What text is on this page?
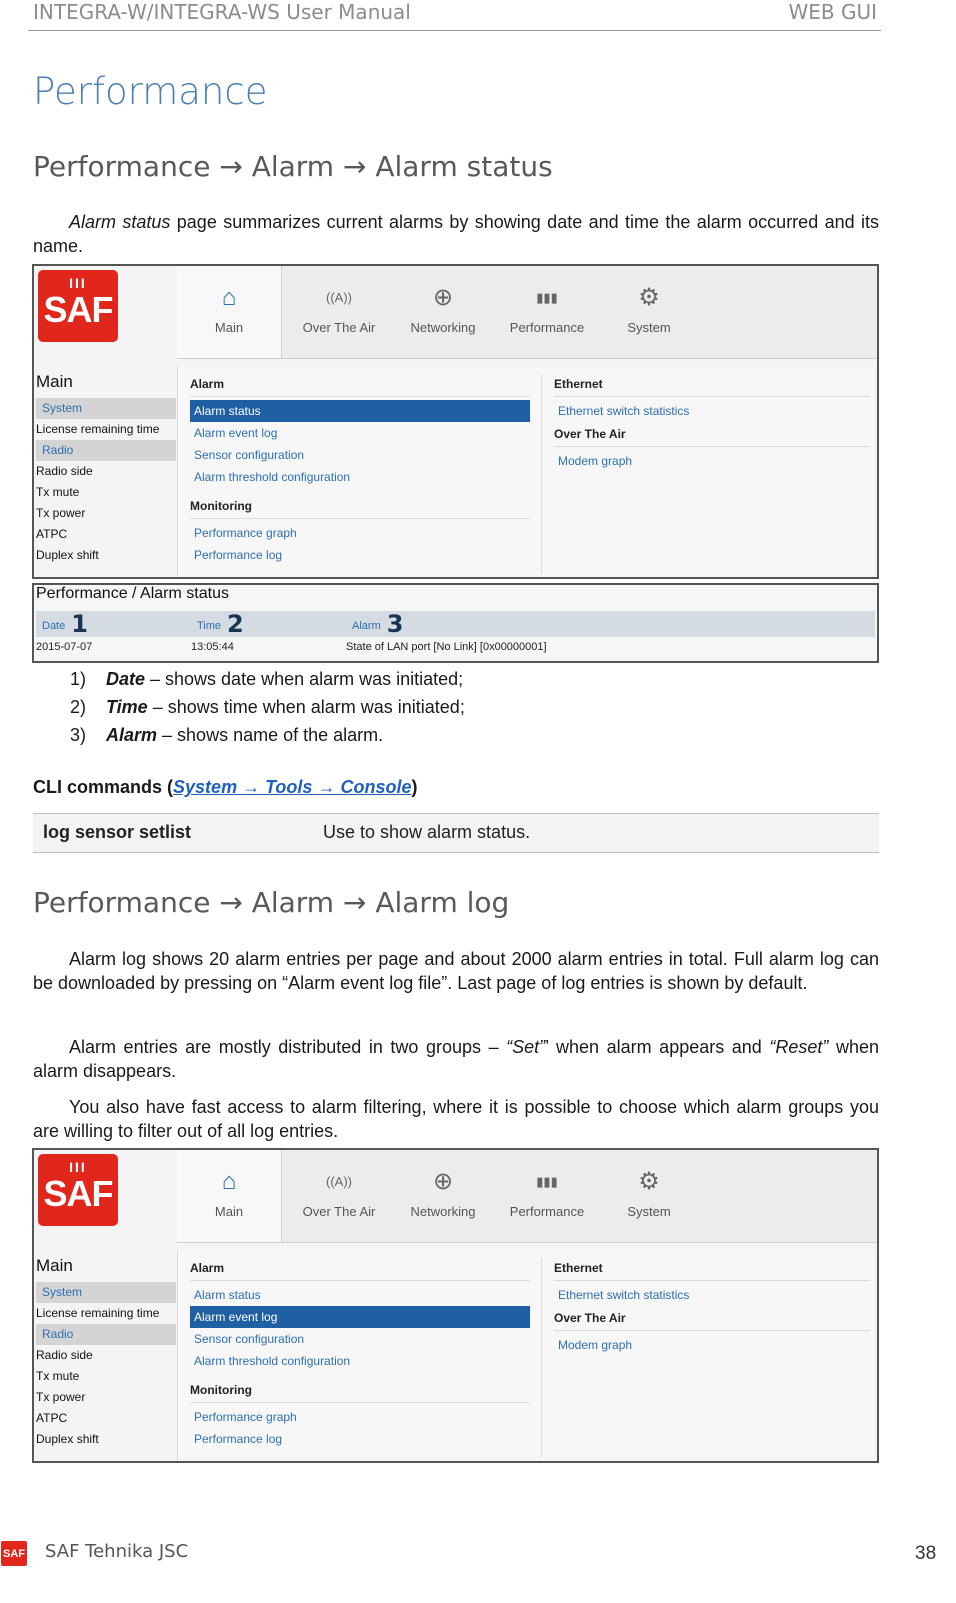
INTEGRA-W/INTEGRA-WS User Manual	WEB GUI
Performance
Performance → Alarm → Alarm status
Alarm status page summarizes current alarms by showing date and time the alarm occurred and its name.
III
SAF	⌂
Main
((A))
Over The Air
⊕
Networking
▮▮▮
Performance
⚙
System
Main
System
License remaining time
Radio
Radio side
Tx mute
Tx power
ATPC
Duplex shift
Alarm
Alarm status
Alarm event log
Sensor configuration
Alarm threshold configuration
Monitoring
Performance graph
Performance log
Ethernet
Ethernet switch statistics
Over The Air
Modem graph
Performance / Alarm status
Date 1	Time 2	Alarm 3
2015-07-07	13:05:44	State of LAN port [No Link] [0x00000001]
1) Date – shows date when alarm was initiated;
2) Time – shows time when alarm was initiated;
3) Alarm – shows name of the alarm.
CLI commands (System → Tools → Console)
log sensor setlist	Use to show alarm status.
Performance → Alarm → Alarm log
Alarm log shows 20 alarm entries per page and about 2000 alarm entries in total. Full alarm log can be downloaded by pressing on “Alarm event log file”. Last page of log entries is shown by default.
Alarm entries are mostly distributed in two groups – “Set”’ when alarm appears and “Reset” when alarm disappears.
You also have fast access to alarm filtering, where it is possible to choose which alarm groups you are willing to filter out of all log entries.
III
SAF	⌂
Main
((A))
Over The Air
⊕
Networking
▮▮▮
Performance
⚙
System
Main
System
License remaining time
Radio
Radio side
Tx mute
Tx power
ATPC
Duplex shift
Alarm
Alarm status
Alarm event log
Sensor configuration
Alarm threshold configuration
Monitoring
Performance graph
Performance log
Ethernet
Ethernet switch statistics
Over The Air
Modem graph
SAF SAF Tehnika JSC	38
